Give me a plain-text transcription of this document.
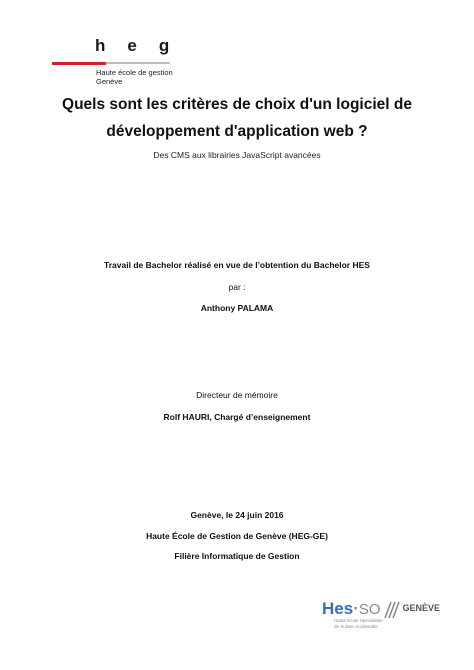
h e g
Haute école de gestion
Genève
Quels sont les critères de choix d'un logiciel de
développement d'application web ?
Des CMS aux librairies JavaScript avancées
Travail de Bachelor réalisé en vue de l’obtention du Bachelor HES
par :
Anthony PALAMA
Directeur de mémoire
Rolf HAURI, Chargé d’enseignement
Genève, le 24 juin 2016
Haute École de Gestion de Genève (HEG-GE)
Filière Informatique de Gestion
Hes·SO GENÈVE
Haute Ecole Spécialisée
de Suisse occidentale
